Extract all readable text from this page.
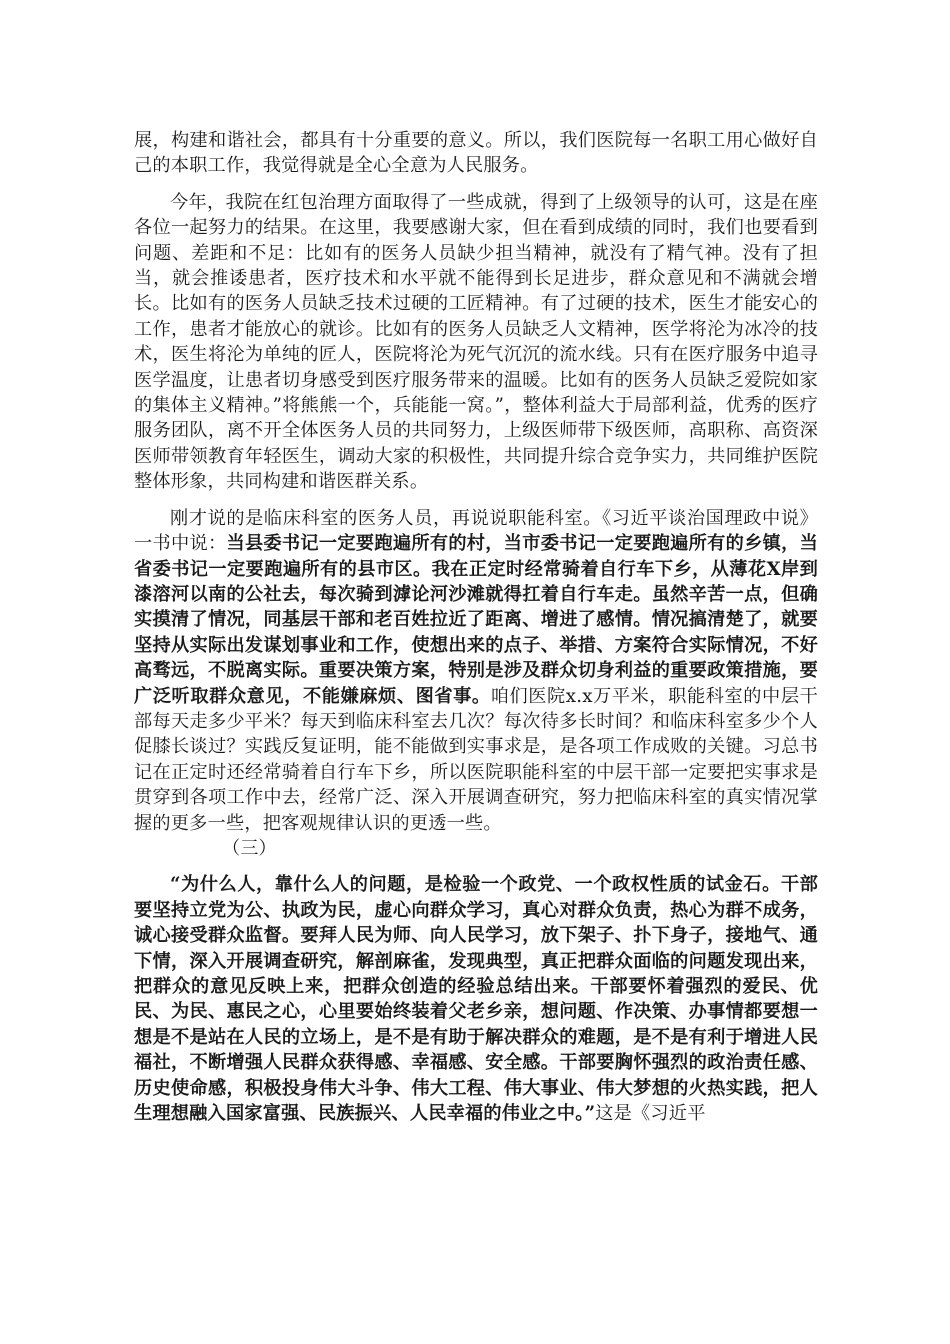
展，构建和谐社会，都具有十分重要的意义。所以，我们医院每一名职工用心做好自己的本职工作，我觉得就是全心全意为人民服务。

今年，我院在红包治理方面取得了一些成就，得到了上级领导的认可，这是在座各位一起努力的结果。在这里，我要感谢大家，但在看到成绩的同时，我们也要看到问题、差距和不足：比如有的医务人员缺少担当精神，就没有了精气神。没有了担当，就会推诿患者，医疗技术和水平就不能得到长足进步，群众意见和不满就会增长。比如有的医务人员缺乏技术过硬的工匠精神。有了过硬的技术，医生才能安心的工作，患者才能放心的就诊。比如有的医务人员缺乏人文精神，医学将沦为冰冷的技术，医生将沦为单纯的匠人，医院将沦为死气沉沉的流水线。只有在医疗服务中追寻医学温度，让患者切身感受到医疗服务带来的温暖。比如有的医务人员缺乏爱院如家的集体主义精神。”将熊熊一个，兵能能一窝。”，整体利益大于局部利益，优秀的医疗服务团队，离不开全体医务人员的共同努力，上级医师带下级医师，高职称、高资深医师带领教育年轻医生，调动大家的积极性，共同提升综合竞争实力，共同维护医院整体形象，共同构建和谐医群关系。

刚才说的是临床科室的医务人员，再说说职能科室。《习近平谈治国理政中说》一书中说：当县委书记一定要跑遍所有的村，当市委书记一定要跑遍所有的乡镇，当省委书记一定要跑遍所有的县市区。我在正定时经常骑着自行车下乡，从薄花X岸到漆溶河以南的公社去，每次骑到滹论河沙滩就得扛着自行车走。虽然辛苦一点，但确实摸清了情况，同基层干部和老百姓拉近了距离、增进了感情。情况搞清楚了，就要坚持从实际出发谋划事业和工作，使想出来的点子、举措、方案符合实际情况，不好高骛远，不脱离实际。重要决策方案，特别是涉及群众切身利益的重要政策措施，要广泛听取群众意见，不能嫌麻烦、图省事。咱们医院x.x万平米，职能科室的中层干部每天走多少平米？每天到临床科室去几次？每次待多长时间？和临床科室多少个人促膝长谈过？实践反复证明，能不能做到实事求是，是各项工作成败的关键。习总书记在正定时还经常骑着自行车下乡，所以医院职能科室的中层干部一定要把实事求是贯穿到各项工作中去，经常广泛、深入开展调查研究，努力把临床科室的真实情况掌握的更多一些，把客观规律认识的更透一些。

（三）

“为什么人，靠什么人的问题，是检验一个政党、一个政权性质的试金石。干部要坚持立党为公、执政为民，虚心向群众学习，真心对群众负责，热心为群不成务，诚心接受群众监督。要拜人民为师、向人民学习，放下架子、扑下身子，接地气、通下情，深入开展调查研究，解剖麻雀，发现典型，真正把群众面临的问题发现出来，把群众的意见反映上来，把群众创造的经验总结出来。干部要怀着强烈的爱民、优民、为民、惠民之心，心里要始终装着父老乡亲，想问题、作决策、办事情都要想一想是不是站在人民的立场上，是不是有助于解决群众的难题，是不是有利于增进人民福社，不断增强人民群众获得感、幸福感、安全感。干部要胸怀强烈的政治责任感、历史使命感，积极投身伟大斗争、伟大工程、伟大事业、伟大梦想的火热实践，把人生理想融入国家富强、民族振兴、人民幸福的伟业之中。”这是《习近平
